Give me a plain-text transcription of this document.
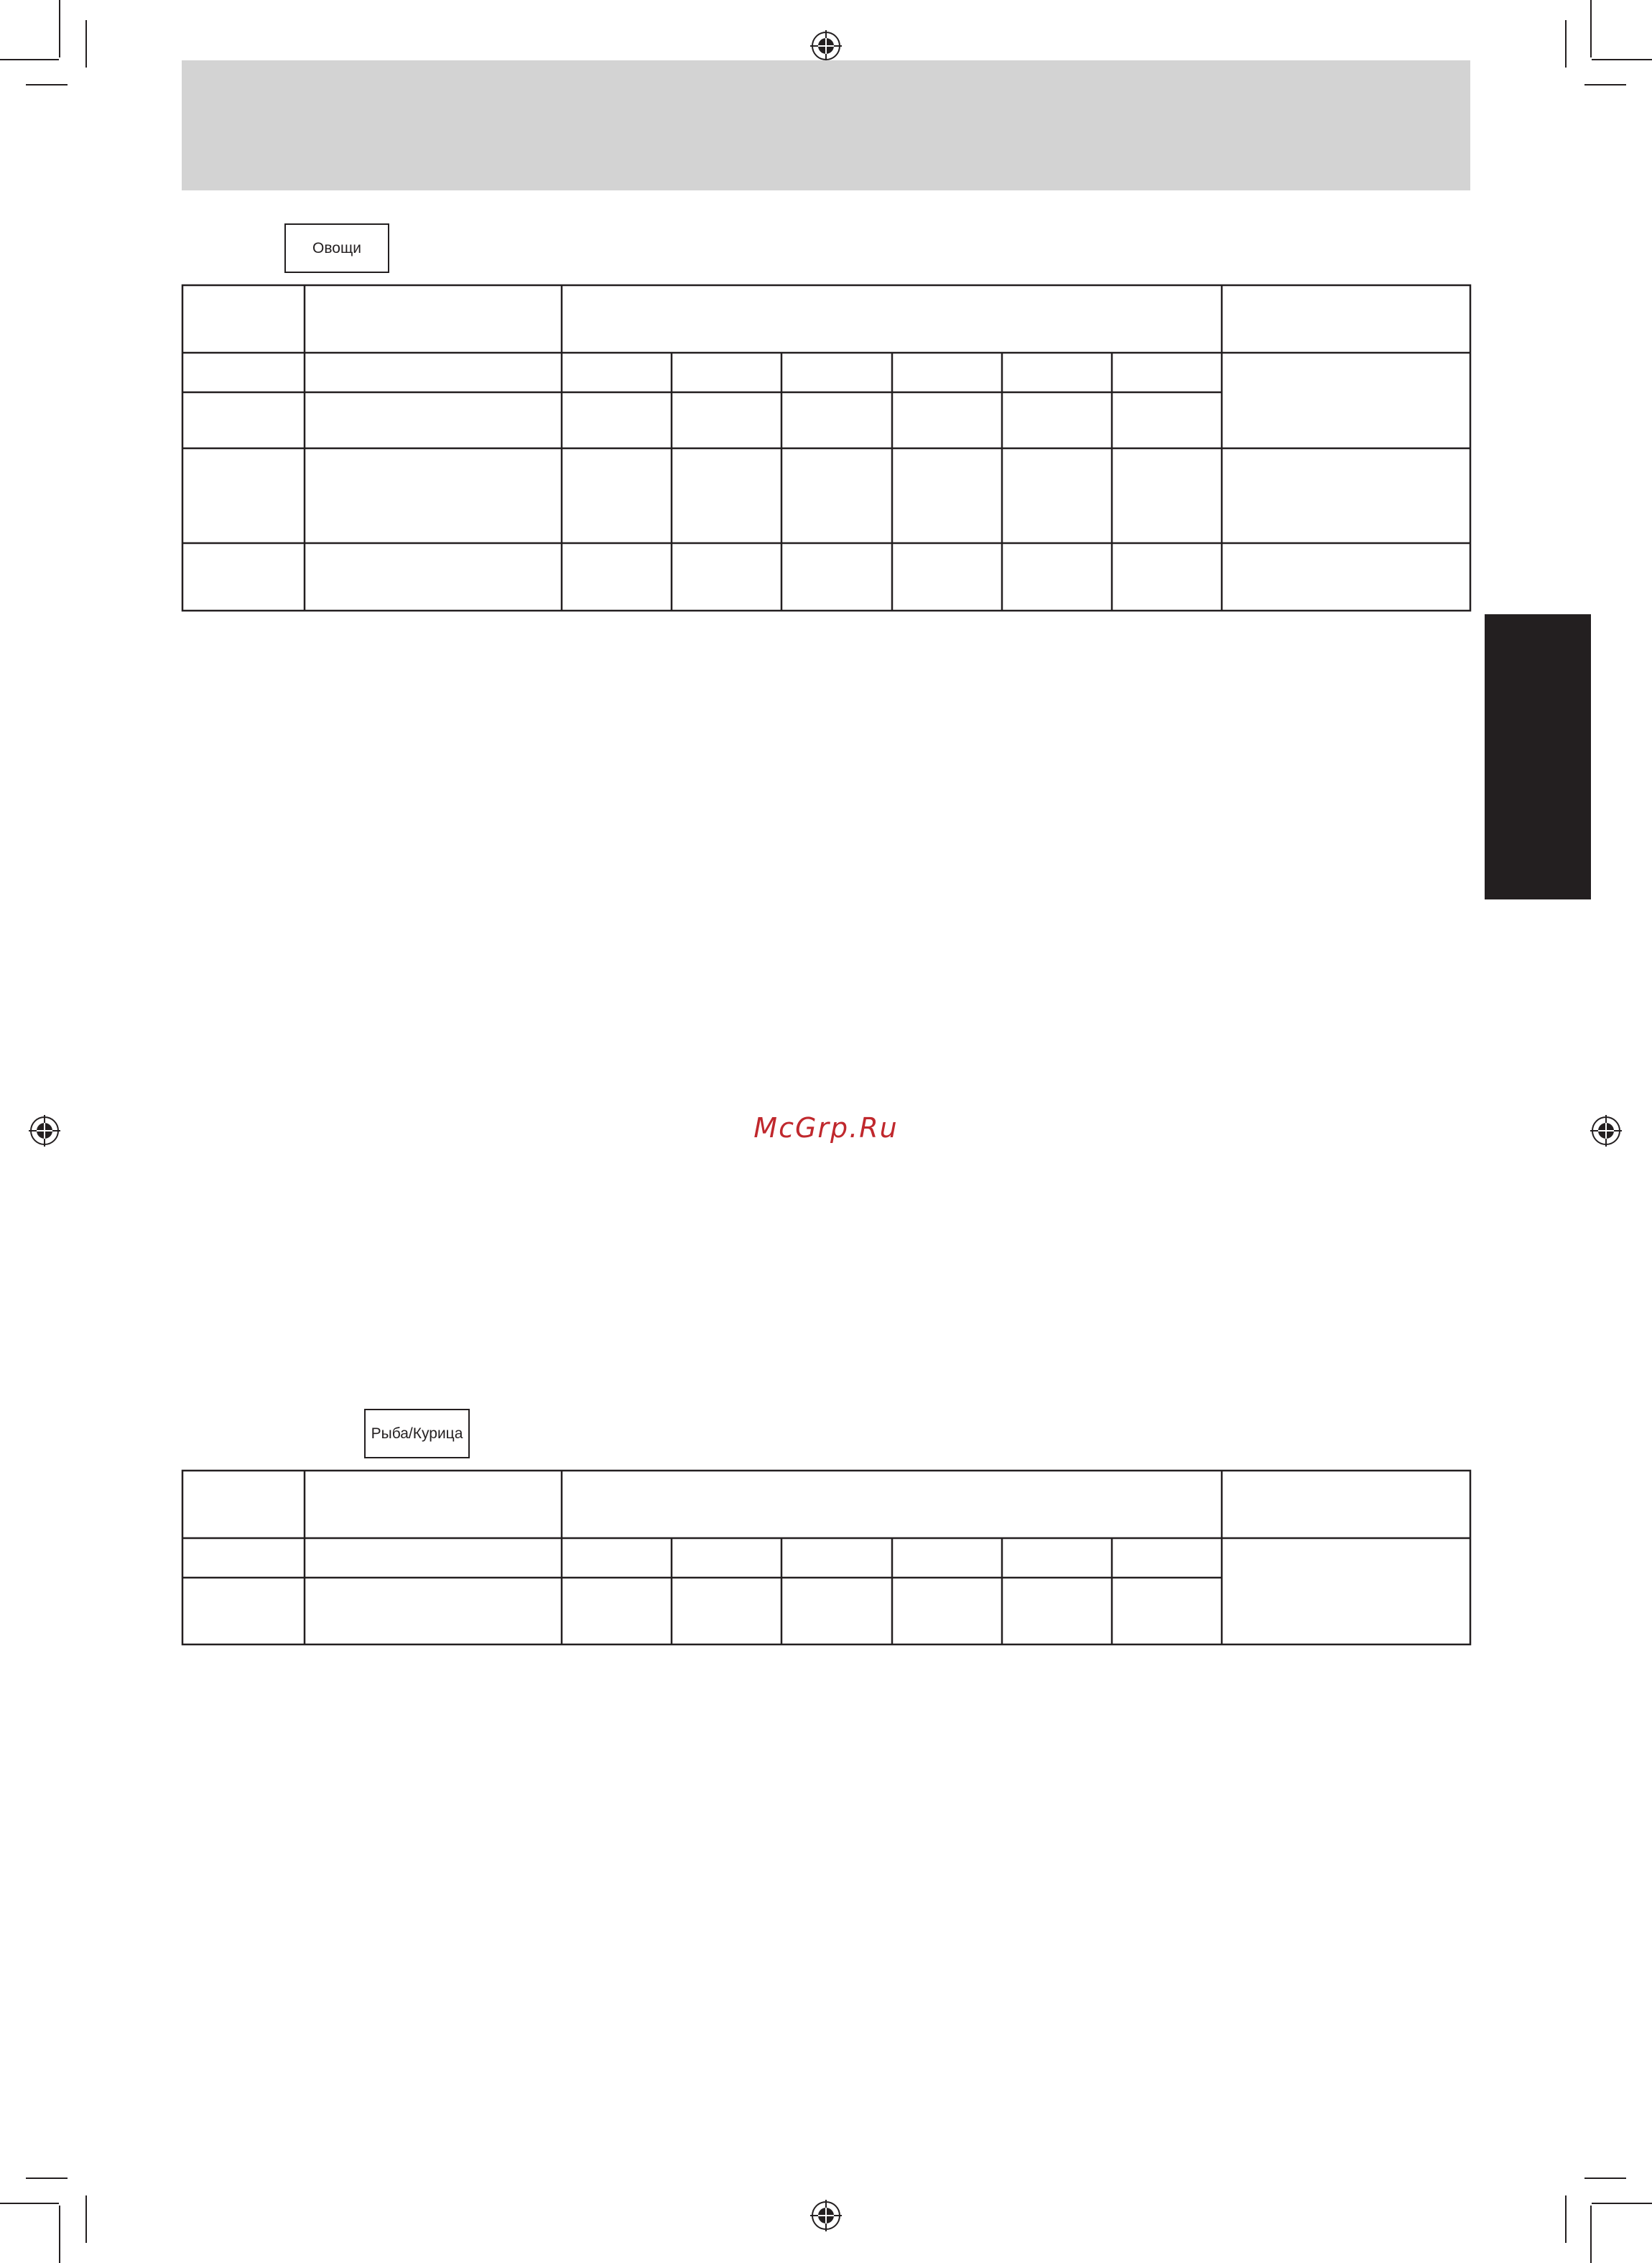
Овощи
McGrp.Ru
Рыба/Курица
